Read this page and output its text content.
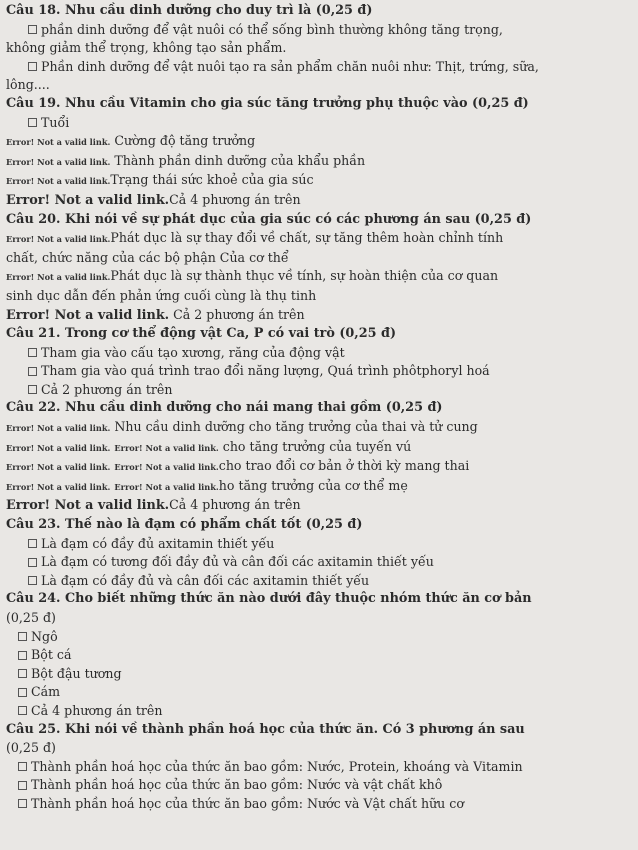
Câu 18. Nhu cầu dinh dưỡng cho duy trì là (0,25 đ)
phần dinh dưỡng để vật nuôi có thể sống bình thường không tăng trọng,
không giảm thể trọng, không tạo sản phẩm.
Phần dinh dưỡng để vật nuôi tạo ra sản phẩm chăn nuôi như: Thịt, trứng, sữa,
lông....
Câu 19. Nhu cầu Vitamin cho gia súc tăng trưởng phụ thuộc vào (0,25 đ)
Tuổi
Error! Not a valid link. Cường độ tăng trưởng
Error! Not a valid link. Thành phần dinh dưỡng của khẩu phần
Error! Not a valid link.Trạng thái sức khoẻ của gia súc
Error! Not a valid link.Cả 4 phương án trên
Câu 20. Khi nói về sự phát dục của gia súc có các phương án sau (0,25 đ)
Error! Not a valid link.Phát dục là sự thay đổi về chất, sự tăng thêm hoàn chỉnh tính
chất, chức năng của các bộ phận Của cơ thể
Error! Not a valid link.Phát dục là sự thành thục về tính, sự hoàn thiện của cơ quan
sinh dục dẫn đến phản ứng cuối cùng là thụ tinh
Error! Not a valid link. Cả 2 phương án trên
Câu 21. Trong cơ thể động vật Ca, P có vai trò (0,25 đ)
Tham gia vào cấu tạo xương, răng của động vật
Tham gia vào quá trình trao đổi năng lượng, Quá trình phôtphoryl hoá
Cả 2 phương án trên
Câu 22. Nhu cầu dinh dưỡng cho nái mang thai gồm (0,25 đ)
Error! Not a valid link. Nhu cầu dinh dưỡng cho tăng trưởng của thai và tử cung
Error! Not a valid link. Error! Not a valid link. cho tăng trưởng của tuyến vú
Error! Not a valid link. Error! Not a valid link.cho trao đổi cơ bản ở thời kỳ mang thai
Error! Not a valid link. Error! Not a valid link.ho tăng trưởng của cơ thể mẹ
Error! Not a valid link.Cả 4 phương án trên
Câu 23. Thế nào là đạm có phẩm chất tốt (0,25 đ)
Là đạm có đầy đủ axitamin thiết yếu
Là đạm có tương đối đầy đủ và cân đối các axitamin thiết yếu
Là đạm có đầy đủ và cân đối các axitamin thiết yếu
Câu 24. Cho biết những thức ăn nào dưới đây thuộc nhóm thức ăn cơ bản
(0,25 đ)
Ngô
Bột cá
Bột đậu tương
Cám
Cả 4 phương án trên
Câu 25. Khi nói về thành phần hoá học của thức ăn. Có 3 phương án sau
(0,25 đ)
Thành phần hoá học của thức ăn bao gồm: Nước, Protein, khoáng và Vitamin
Thành phần hoá học của thức ăn bao gồm: Nước và vật chất khô
Thành phần hoá học của thức ăn bao gồm: Nước và Vật chất hữu cơ
